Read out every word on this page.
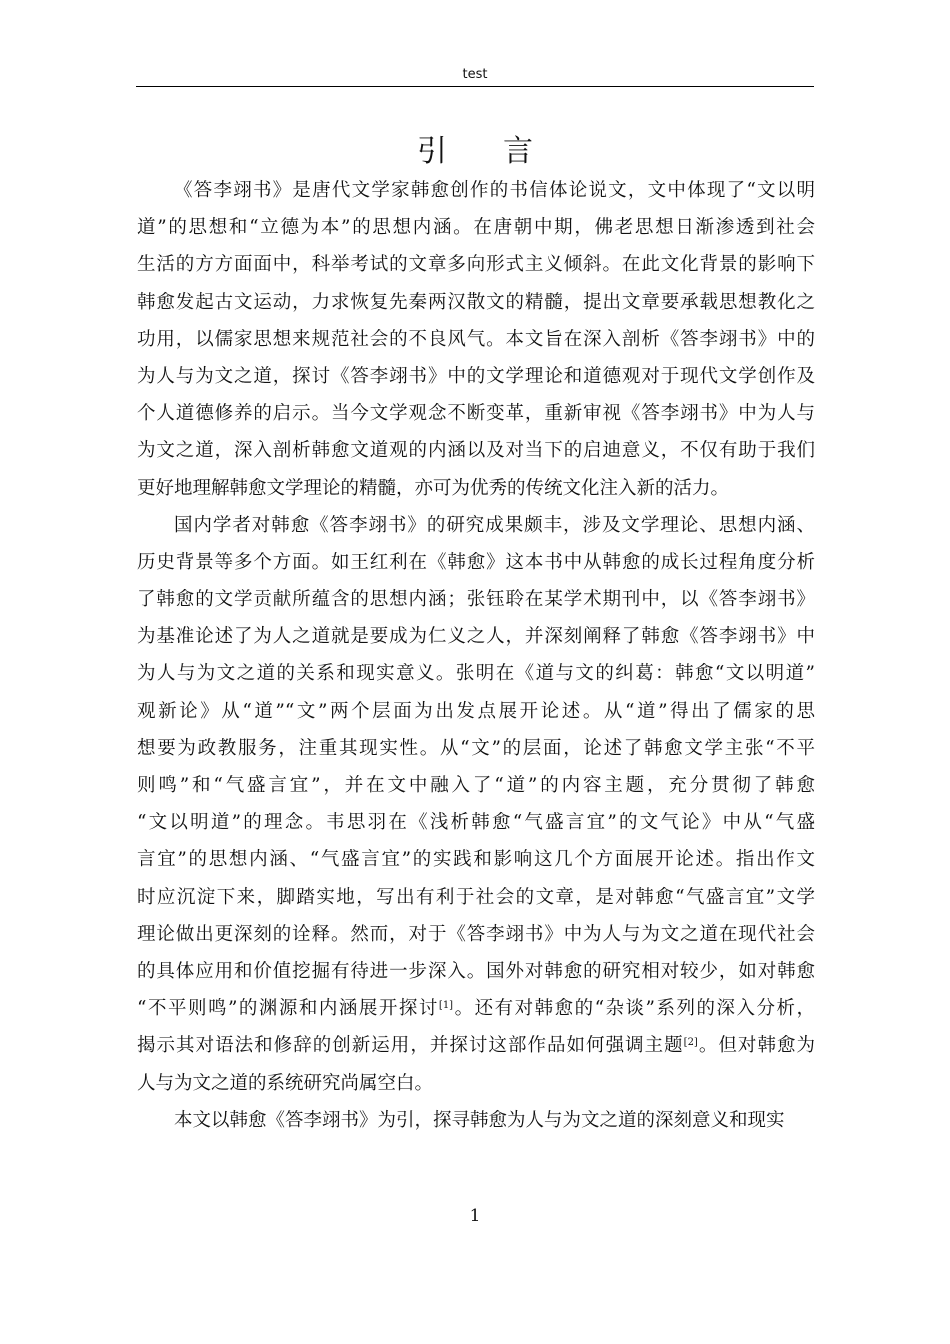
test
引言
《答李翊书》是唐代文学家韩愈创作的书信体论说文，文中体现了“文以明
道”的思想和“立德为本”的思想内涵。在唐朝中期，佛老思想日渐渗透到社会
生活的方方面面中，科举考试的文章多向形式主义倾斜。在此文化背景的影响下
韩愈发起古文运动，力求恢复先秦两汉散文的精髓，提出文章要承载思想教化之
功用，以儒家思想来规范社会的不良风气。本文旨在深入剖析《答李翊书》中的
为人与为文之道，探讨《答李翊书》中的文学理论和道德观对于现代文学创作及
个人道德修养的启示。当今文学观念不断变革，重新审视《答李翊书》中为人与
为文之道，深入剖析韩愈文道观的内涵以及对当下的启迪意义，不仅有助于我们
更好地理解韩愈文学理论的精髓，亦可为优秀的传统文化注入新的活力。
国内学者对韩愈《答李翊书》的研究成果颇丰，涉及文学理论、思想内涵、
历史背景等多个方面。如王红利在《韩愈》这本书中从韩愈的成长过程角度分析
了韩愈的文学贡献所蕴含的思想内涵；张钰聆在某学术期刊中，以《答李翊书》
为基准论述了为人之道就是要成为仁义之人，并深刻阐释了韩愈《答李翊书》中
为人与为文之道的关系和现实意义。张明在《道与文的纠葛：韩愈“文以明道”
观新论》从“道”“文”两个层面为出发点展开论述。从“道”得出了儒家的思
想要为政教服务，注重其现实性。从“文”的层面，论述了韩愈文学主张“不平
则鸣”和“气盛言宜”，并在文中融入了“道”的内容主题，充分贯彻了韩愈
“文以明道”的理念。韦思羽在《浅析韩愈“气盛言宜”的文气论》中从“气盛
言宜”的思想内涵、“气盛言宜”的实践和影响这几个方面展开论述。指出作文
时应沉淀下来，脚踏实地，写出有利于社会的文章，是对韩愈“气盛言宜”文学
理论做出更深刻的诠释。然而，对于《答李翊书》中为人与为文之道在现代社会
的具体应用和价值挖掘有待进一步深入。国外对韩愈的研究相对较少，如对韩愈
“不平则鸣”的渊源和内涵展开探讨[1]。还有对韩愈的“杂谈”系列的深入分析，
揭示其对语法和修辞的创新运用，并探讨这部作品如何强调主题[2]。但对韩愈为
人与为文之道的系统研究尚属空白。
本文以韩愈《答李翊书》为引，探寻韩愈为人与为文之道的深刻意义和现实
1
